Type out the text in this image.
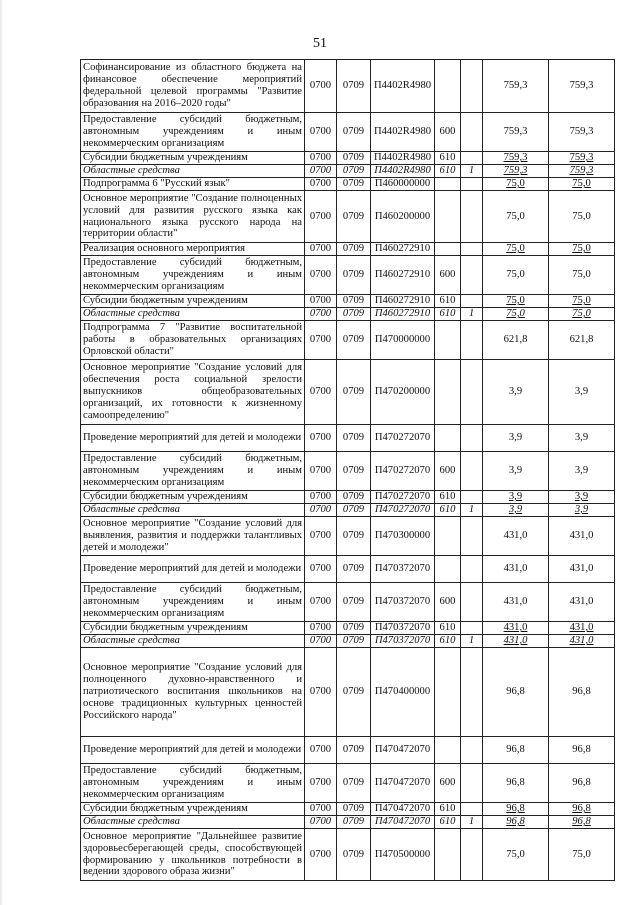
51
Софинансирование из областного бюджета на финансовое обеспечение мероприятий федеральной целевой программы "Развитие образования на 2016–2020 годы"	0700	0709	П4402R4980			759,3	759,3
Предоставление субсидий бюджетным, автономным учреждениям и иным некоммерческим организациям	0700	0709	П4402R4980	600		759,3	759,3
Субсидии бюджетным учреждениям	0700	0709	П4402R4980	610		759,3	759,3
Областные средства	0700	0709	П4402R4980	610	1	759,3	759,3
Подпрограмма 6 "Русский язык"	0700	0709	П460000000			75,0	75,0
Основное мероприятие "Создание полноценных условий для развития русского языка как национального языка русского народа на территории области"	0700	0709	П460200000			75,0	75,0
Реализация основного мероприятия	0700	0709	П460272910			75,0	75,0
Предоставление субсидий бюджетным, автономным учреждениям и иным некоммерческим организациям	0700	0709	П460272910	600		75,0	75,0
Субсидии бюджетным учреждениям	0700	0709	П460272910	610		75,0	75,0
Областные средства	0700	0709	П460272910	610	1	75,0	75,0
Подпрограмма 7 "Развитие воспитательной работы в образовательных организациях Орловской области"	0700	0709	П470000000			621,8	621,8
Основное мероприятие "Создание условий для обеспечения роста социальной зрелости выпускников общеобразовательных организаций, их готовности к жизненному самоопределению"	0700	0709	П470200000			3,9	3,9
Проведение мероприятий для детей и молодежи	0700	0709	П470272070			3,9	3,9
Предоставление субсидий бюджетным, автономным учреждениям и иным некоммерческим организациям	0700	0709	П470272070	600		3,9	3,9
Субсидии бюджетным учреждениям	0700	0709	П470272070	610		3,9	3,9
Областные средства	0700	0709	П470272070	610	1	3,9	3,9
Основное мероприятие "Создание условий для выявления, развития и поддержки талантливых детей и молодежи"	0700	0709	П470300000			431,0	431,0
Проведение мероприятий для детей и молодежи	0700	0709	П470372070			431,0	431,0
Предоставление субсидий бюджетным, автономным учреждениям и иным некоммерческим организациям	0700	0709	П470372070	600		431,0	431,0
Субсидии бюджетным учреждениям	0700	0709	П470372070	610		431,0	431,0
Областные средства	0700	0709	П470372070	610	1	431,0	431,0
Основное мероприятие "Создание условий для полноценного духовно-нравственного и патриотического воспитания школьников на основе традиционных культурных ценностей Российского народа"	0700	0709	П470400000			96,8	96,8
Проведение мероприятий для детей и молодежи	0700	0709	П470472070			96,8	96,8
Предоставление субсидий бюджетным, автономным учреждениям и иным некоммерческим организациям	0700	0709	П470472070	600		96,8	96,8
Субсидии бюджетным учреждениям	0700	0709	П470472070	610		96,8	96,8
Областные средства	0700	0709	П470472070	610	1	96,8	96,8
Основное мероприятие "Дальнейшее развитие здоровьесберегающей среды, способствующей формированию у школьников потребности в ведении здорового образа жизни"	0700	0709	П470500000			75,0	75,0
